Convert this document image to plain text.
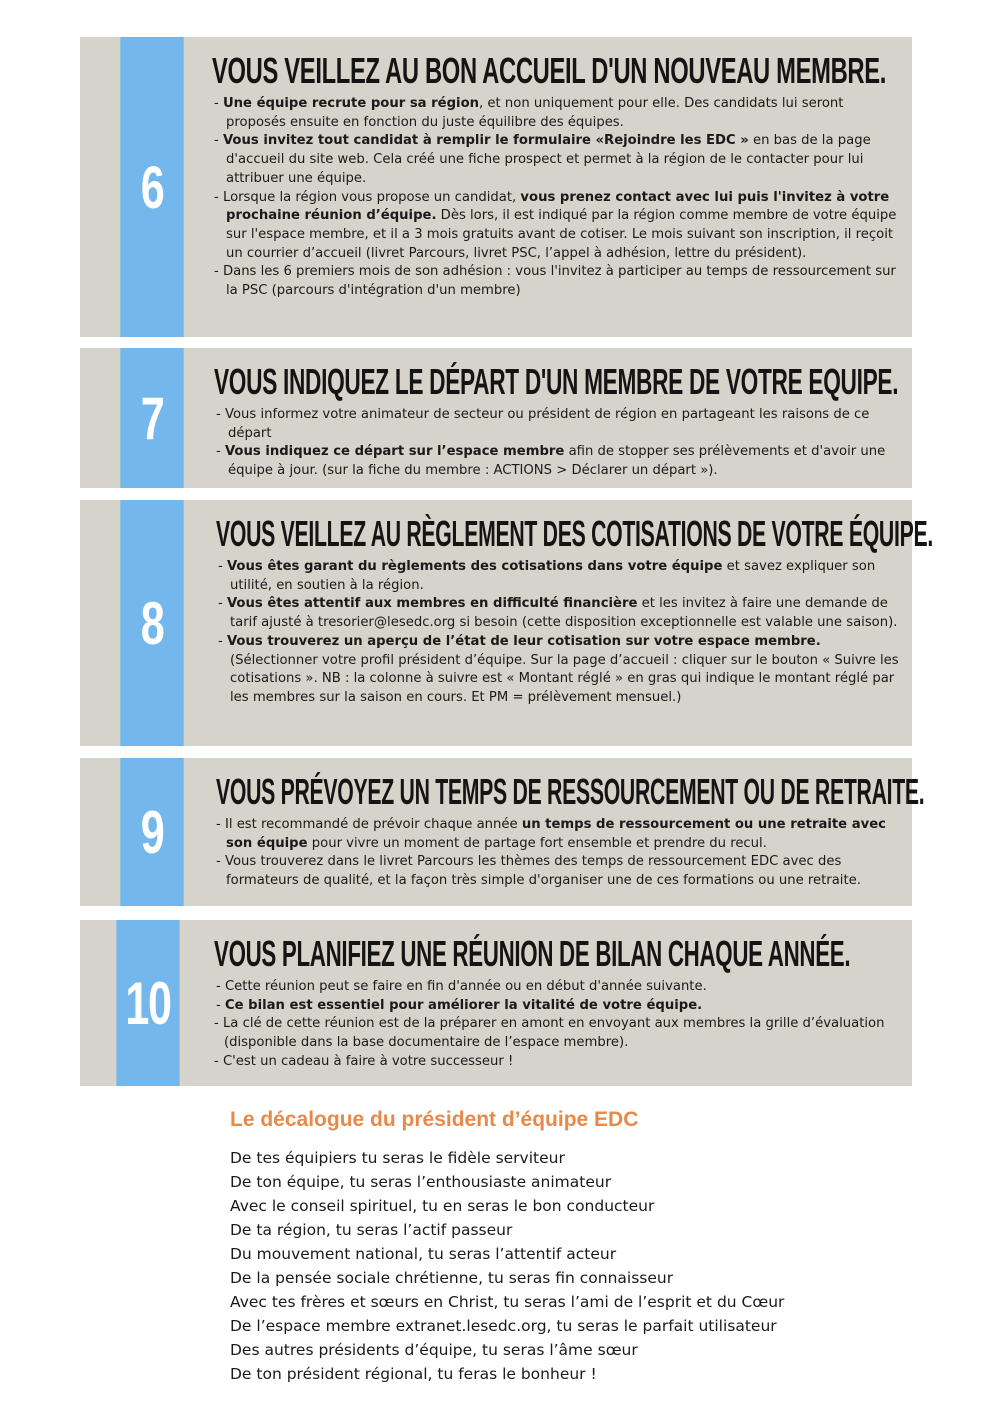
6
VOUS VEILLEZ AU BON ACCUEIL D'UN NOUVEAU MEMBRE.
- Une équipe recrute pour sa région, et non uniquement pour elle. Des candidats lui seront proposés ensuite en fonction du juste équilibre des équipes.
- Vous invitez tout candidat à remplir le formulaire «Rejoindre les EDC » en bas de la page d'accueil du site web. Cela créé une fiche prospect et permet à la région de le contacter pour lui attribuer une équipe.
- Lorsque la région vous propose un candidat, vous prenez contact avec lui puis l'invitez à votre prochaine réunion d’équipe. Dès lors, il est indiqué par la région comme membre de votre équipe sur l'espace membre, et il a 3 mois gratuits avant de cotiser. Le mois suivant son inscription, il reçoit un courrier d’accueil (livret Parcours, livret PSC, l’appel à adhésion, lettre du président).
- Dans les 6 premiers mois de son adhésion : vous l'invitez à participer au temps de ressourcement sur la PSC (parcours d'intégration d'un membre)
7
VOUS INDIQUEZ LE DÉPART D'UN MEMBRE DE VOTRE EQUIPE.
- Vous informez votre animateur de secteur ou président de région en partageant les raisons de ce départ
- Vous indiquez ce départ sur l’espace membre afin de stopper ses prélèvements et d'avoir une équipe à jour. (sur la fiche du membre : ACTIONS > Déclarer un départ »).
8
VOUS VEILLEZ AU RÈGLEMENT DES COTISATIONS DE VOTRE ÉQUIPE.
- Vous êtes garant du règlements des cotisations dans votre équipe et savez expliquer son utilité, en soutien à la région.
- Vous êtes attentif aux membres en difficulté financière et les invitez à faire une demande de tarif ajusté à tresorier@lesedc.org si besoin (cette disposition exceptionnelle est valable une saison).
- Vous trouverez un aperçu de l’état de leur cotisation sur votre espace membre. (Sélectionner votre profil président d’équipe. Sur la page d’accueil : cliquer sur le bouton « Suivre les cotisations ». NB : la colonne à suivre est « Montant réglé » en gras qui indique le montant réglé par les membres sur la saison en cours. Et PM = prélèvement mensuel.)
9
VOUS PRÉVOYEZ UN TEMPS DE RESSOURCEMENT OU DE RETRAITE.
- Il est recommandé de prévoir chaque année un temps de ressourcement ou une retraite avec son équipe pour vivre un moment de partage fort ensemble et prendre du recul.
- Vous trouverez dans le livret Parcours les thèmes des temps de ressourcement EDC avec des formateurs de qualité, et la façon très simple d'organiser une de ces formations ou une retraite.
10
VOUS PLANIFIEZ UNE RÉUNION DE BILAN CHAQUE ANNÉE.
- Cette réunion peut se faire en fin d'année ou en début d'année suivante.
- Ce bilan est essentiel pour améliorer la vitalité de votre équipe.
- La clé de cette réunion est de la préparer en amont en envoyant aux membres la grille d’évaluation (disponible dans la base documentaire de l’espace membre).
- C'est un cadeau à faire à votre successeur !
Le décalogue du président d’équipe EDC
De tes équipiers tu seras le fidèle serviteur
De ton équipe, tu seras l’enthousiaste animateur
Avec le conseil spirituel, tu en seras le bon conducteur
De ta région, tu seras l’actif passeur
Du mouvement national, tu seras l’attentif acteur
De la pensée sociale chrétienne, tu seras fin connaisseur
Avec tes frères et sœurs en Christ, tu seras l’ami de l’esprit et du Cœur
De l’espace membre extranet.lesedc.org, tu seras le parfait utilisateur
Des autres présidents d’équipe, tu seras l’âme sœur
De ton président régional, tu feras le bonheur !
